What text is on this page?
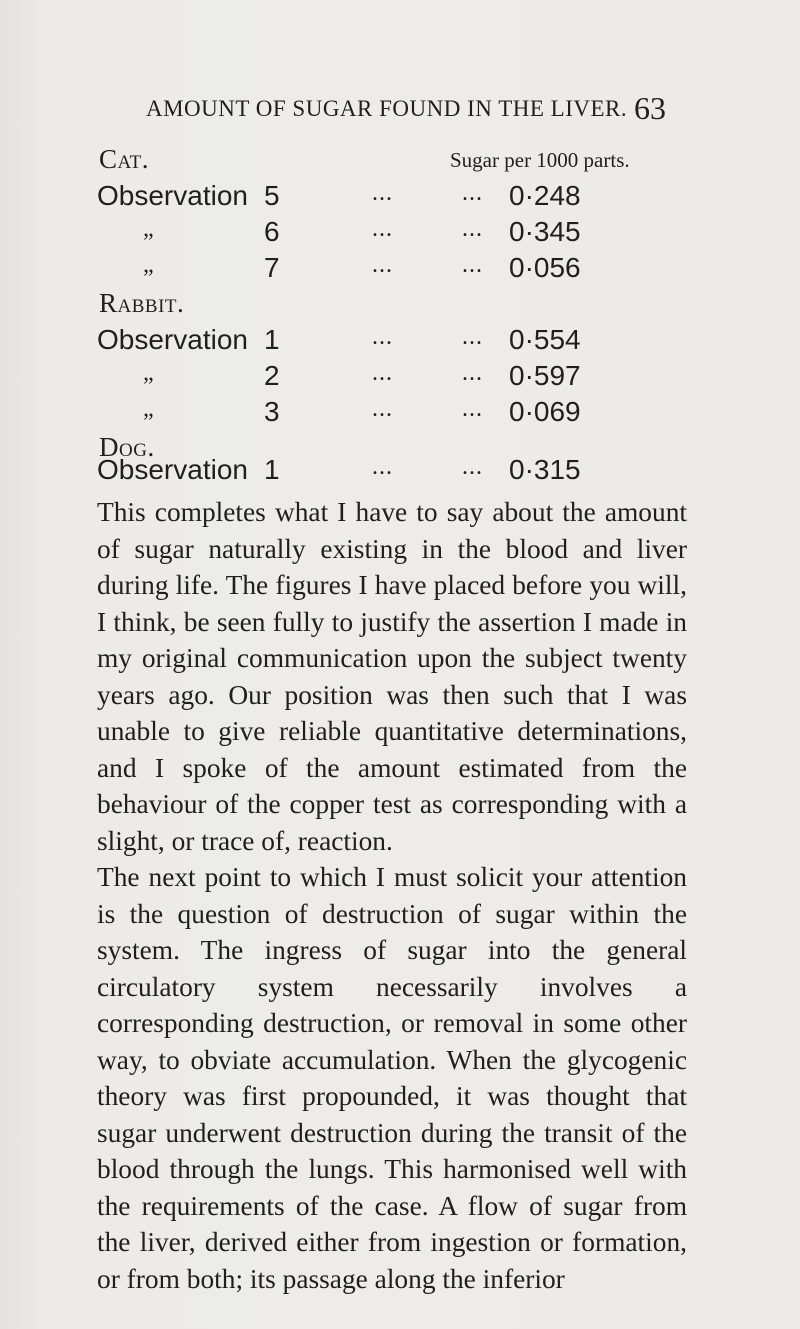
AMOUNT OF SUGAR FOUND IN THE LIVER. 63
Cat.	Sugar per 1000 parts.
Observation 5	...	... 0·248
„	6	...	... 0·345
„	7	...	... 0·056
Rabbit.
Observation 1	...	... 0·554
„	2	...	... 0·597
„	3	...	... 0·069
Dog.
Observation 1	...	... 0·315

This completes what I have to say about the amount of sugar naturally existing in the blood and liver during life. The figures I have placed before you will, I think, be seen fully to justify the assertion I made in my original communication upon the subject twenty years ago. Our position was then such that I was unable to give reliable quantitative determinations, and I spoke of the amount estimated from the behaviour of the copper test as corresponding with a slight, or trace of, reaction.

The next point to which I must solicit your attention is the question of destruction of sugar within the system. The ingress of sugar into the general circulatory system necessarily involves a corresponding destruction, or removal in some other way, to obviate accumulation. When the glycogenic theory was first propounded, it was thought that sugar underwent destruction during the transit of the blood through the lungs. This harmonised well with the requirements of the case. A flow of sugar from the liver, derived either from ingestion or formation, or from both; its passage along the inferior
